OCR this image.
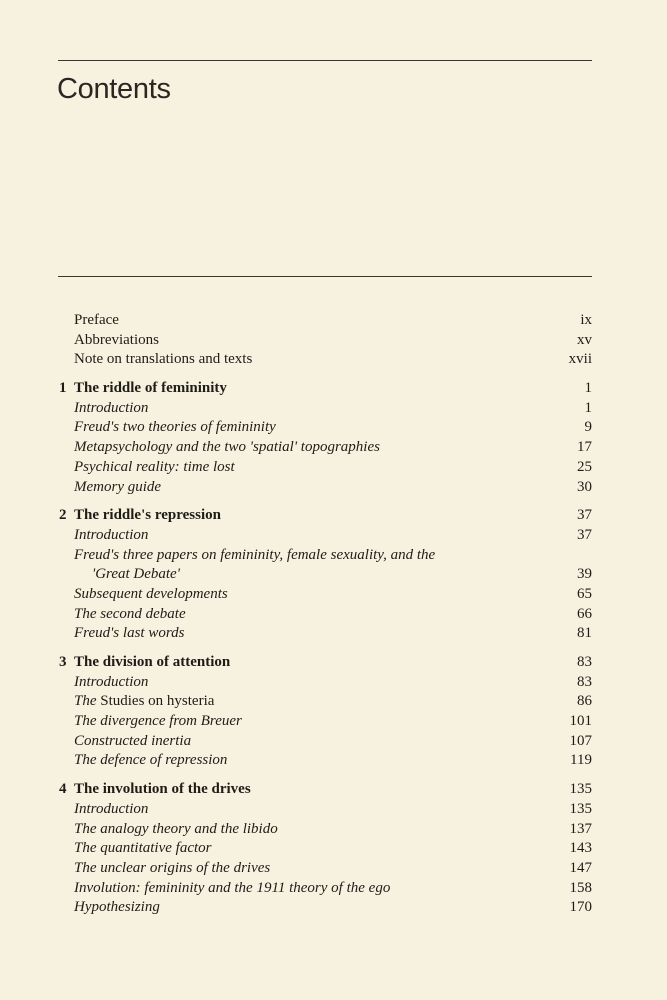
Contents
Preface	ix
Abbreviations	xv
Note on translations and texts	xvii
1 The riddle of femininity	1
Introduction	1
Freud's two theories of femininity	9
Metapsychology and the two 'spatial' topographies	17
Psychical reality: time lost	25
Memory guide	30
2 The riddle's repression	37
Introduction	37
Freud's three papers on femininity, female sexuality, and the
'Great Debate'	39
Subsequent developments	65
The second debate	66
Freud's last words	81
3 The division of attention	83
Introduction	83
The Studies on hysteria	86
The divergence from Breuer	101
Constructed inertia	107
The defence of repression	119
4 The involution of the drives	135
Introduction	135
The analogy theory and the libido	137
The quantitative factor	143
The unclear origins of the drives	147
Involution: femininity and the 1911 theory of the ego	158
Hypothesizing	170
